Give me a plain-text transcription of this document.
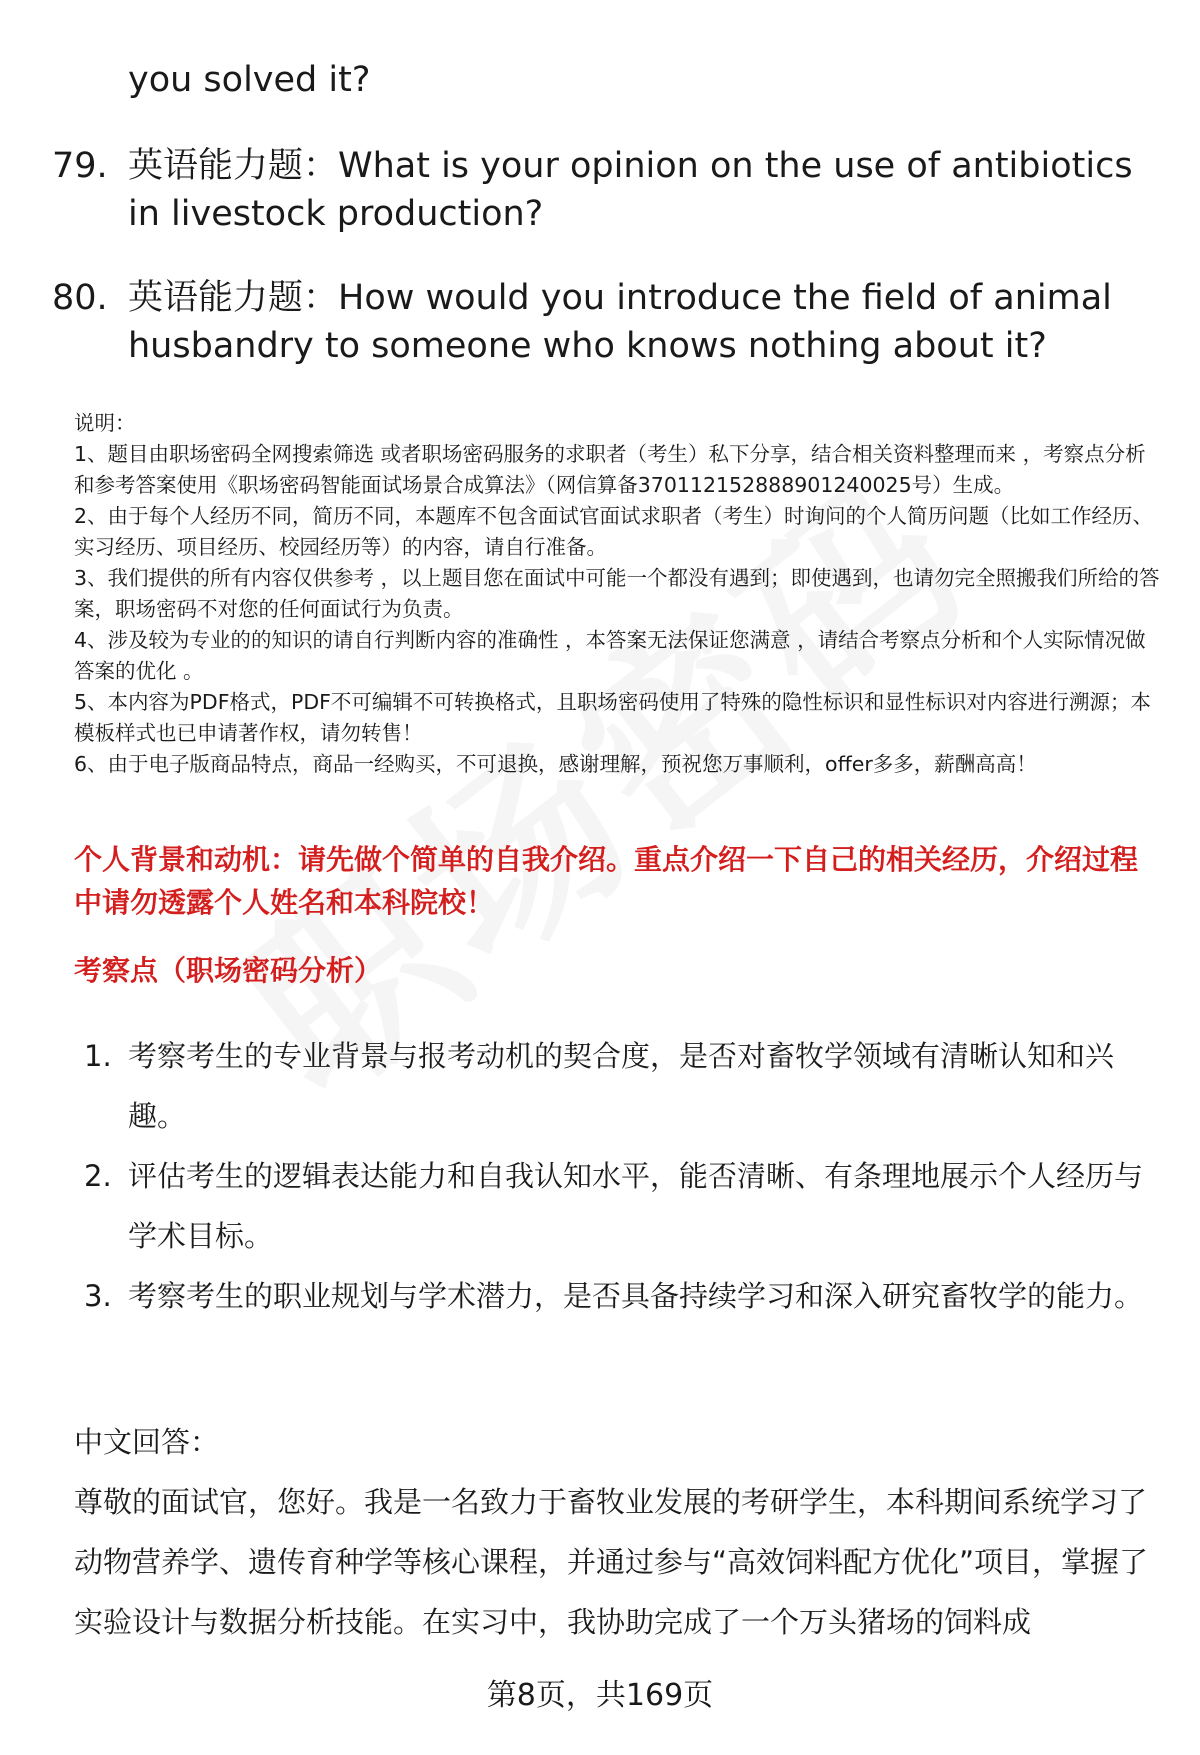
you solved it?
79. 英语能力题：What is your opinion on the use of antibiotics in livestock production?
80. 英语能力题：How would you introduce the field of animal husbandry to someone who knows nothing about it?

说明：

1、题目由职场密码全网搜索筛选 或者职场密码服务的求职者（考生）私下分享，结合相关资料整理而来 ，考察点分析和参考答案使用《职场密码智能面试场景合成算法》（网信算备370112152888901240025号）生成。

2、由于每个人经历不同，简历不同，本题库不包含面试官面试求职者（考生）时询问的个人简历问题（比如工作经历、实习经历、项目经历、校园经历等）的内容，请自行准备。

3、我们提供的所有内容仅供参考 ，以上题目您在面试中可能一个都没有遇到；即使遇到，也请勿完全照搬我们所给的答案，职场密码不对您的任何面试行为负责。

4、涉及较为专业的的知识的请自行判断内容的准确性 ，本答案无法保证您满意 ，请结合考察点分析和个人实际情况做答案的优化 。

5、本内容为PDF格式，PDF不可编辑不可转换格式，且职场密码使用了特殊的隐性标识和显性标识对内容进行溯源；本模板样式也已申请著作权，请勿转售！

6、由于电子版商品特点，商品一经购买，不可退换，感谢理解，预祝您万事顺利，offer多多，薪酬高高！

个人背景和动机：请先做个简单的自我介绍。重点介绍一下自己的相关经历，介绍过程中请勿透露个人姓名和本科院校！
考察点（职场密码分析）
1. 考察考生的专业背景与报考动机的契合度，是否对畜牧学领域有清晰认知和兴趣。
2. 评估考生的逻辑表达能力和自我认知水平，能否清晰、有条理地展示个人经历与学术目标。
3. 考察考生的职业规划与学术潜力，是否具备持续学习和深入研究畜牧学的能力。
中文回答：
尊敬的面试官，您好。我是一名致力于畜牧业发展的考研学生，本科期间系统学习了动物营养学、遗传育种学等核心课程，并通过参与“高效饲料配方优化”项目，掌握了实验设计与数据分析技能。在实习中，我协助完成了一个万头猪场的饲料成
第8页，共169页
